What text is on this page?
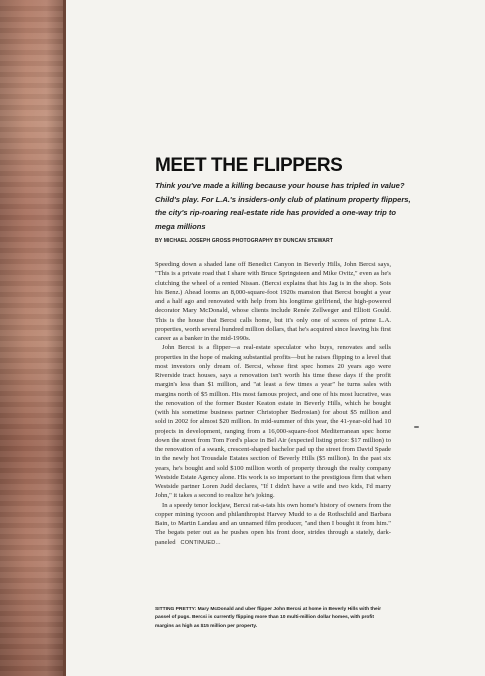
MEET THE FLIPPERS

Think you've made a killing because your house has tripled in value? Child's play. For L.A.'s insiders-only club of platinum property flippers, the city's rip-roaring real-estate ride has provided a one-way trip to mega millions

BY MICHAEL JOSEPH GROSS PHOTOGRAPHY BY DUNCAN STEWART

Speeding down a shaded lane off Benedict Canyon in Beverly Hills, John Bercsi says, "This is a private road that I share with Bruce Springsteen and Mike Ovitz," even as he's clutching the wheel of a rented Nissan. (Bercsi explains that his Jag is in the shop. Sois his Benz.) Ahead looms an 8,000-square-foot 1920s mansion that Bercsi bought a year and a half ago and renovated with help from his longtime girlfriend, the high-powered decorator Mary McDonald, whose clients include Renée Zellweger and Elliott Gould. This is the house that Bercsi calls home, but it's only one of scores of prime L.A. properties, worth several hundred million dollars, that he's acquired since leaving his first career as a banker in the mid-1990s.

John Bercsi is a flipper—a real-estate speculator who buys, renovates and sells properties in the hope of making substantial profits—but he raises flipping to a level that most investors only dream of. Bercsi, whose first spec homes 20 years ago were Riverside tract houses, says a renovation isn't worth his time these days if the profit margin's less than $1 million, and "at least a few times a year" he turns sales with margins north of $5 million. His most famous project, and one of his most lucrative, was the renovation of the former Buster Keaton estate in Beverly Hills, which he bought (with his sometime business partner Christopher Bedrosian) for about $5 million and sold in 2002 for almost $20 million. In mid-summer of this year, the 41-year-old had 10 projects in development, ranging from a 16,000-square-foot Mediterranean spec home down the street from Tom Ford's place in Bel Air (expected listing price: $17 million) to the renovation of a swank, crescent-shaped bachelor pad up the street from David Spade in the newly hot Trousdale Estates section of Beverly Hills ($5 million). In the past six years, he's bought and sold $100 million worth of property through the realty company Westside Estate Agency alone. His work is so important to the prestigious firm that when Westside partner Loren Judd declares, "If I didn't have a wife and two kids, I'd marry John," it takes a second to realize he's joking.

In a speedy tenor lockjaw, Bercsi rat-a-tats his own home's history of owners from the copper mining tycoon and philanthropist Harvey Mudd to a de Rothschild and Barbara Bain, to Martin Landau and an unnamed film producer, "and then I bought it from him." The begats peter out as he pushes open his front door, strides through a stately, dark-paneled CONTINUED...

SITTING PRETTY: Mary McDonald and uber flipper John Bercsi at home in Beverly Hills with their passel of pugs. Bercsi is currently flipping more than 10 multi-million dollar homes, with profit margins as high as $15 million per property.
